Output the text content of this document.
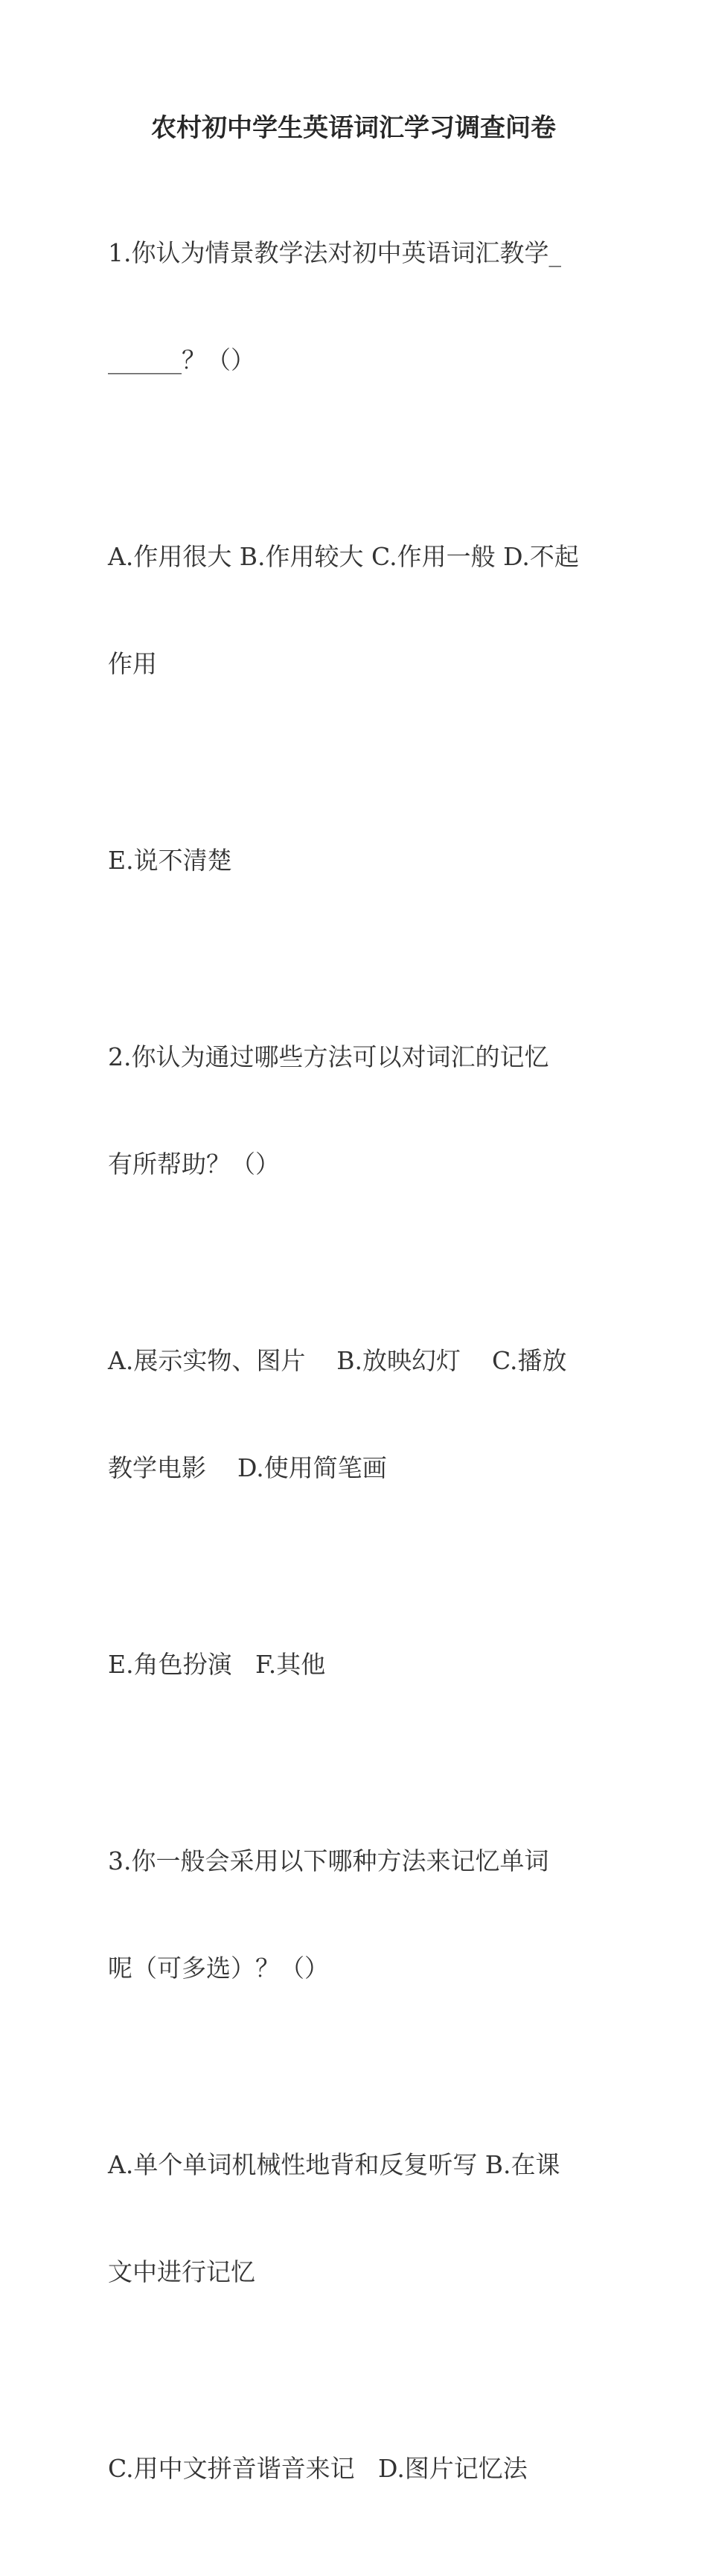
农村初中学生英语词汇学习调查问卷

1.你认为情景教学法对初中英语词汇教学_

______？（）

A.作用很大 B.作用较大 C.作用一般 D.不起

作用

E.说不清楚

2.你认为通过哪些方法可以对词汇的记忆

有所帮助？（）

A.展示实物、图片    B.放映幻灯    C.播放

教学电影    D.使用简笔画

E.角色扮演   F.其他

3.你一般会采用以下哪种方法来记忆单词

呢（可多选）？（）

A.单个单词机械性地背和反复听写 B.在课

文中进行记忆

C.用中文拼音谐音来记   D.图片记忆法
